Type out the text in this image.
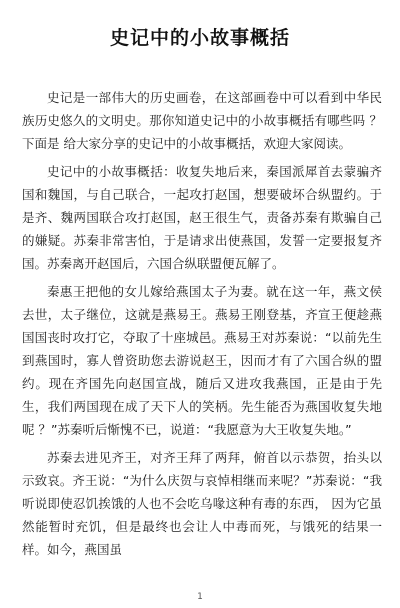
史记中的小故事概括

史记是一部伟大的历史画卷，在这部画卷中可以看到中华民族历史悠久的文明史。那你知道史记中的小故事概括有哪些吗 ？下面是 给大家分享的史记中的小故事概括，欢迎大家阅读。

史记中的小故事概括：收复失地后来，秦国派犀首去蒙骗齐国和魏国，与自己联合，一起攻打赵国，想要破坏合纵盟约。于是齐、魏两国联合攻打赵国，赵王很生气，责备苏秦有欺骗自己的嫌疑。苏秦非常害怕，于是请求出使燕国，发誓一定要报复齐国。苏秦离开赵国后，六国合纵联盟便瓦解了。

秦惠王把他的女儿嫁给燕国太子为妻。就在这一年，燕文侯去世，太子继位，这就是燕易王。燕易王刚登基，齐宣王便趁燕国国丧时攻打它，夺取了十座城邑。燕易王对苏秦说：“以前先生到燕国时，寡人曾资助您去游说赵王，因而才有了六国合纵的盟约。现在齐国先向赵国宣战，随后又进攻我燕国，正是由于先生，我们两国现在成了天下人的笑柄。先生能否为燕国收复失地呢 ？”苏秦听后惭愧不已，说道：“我愿意为大王收复失地。”

苏秦去进见齐王，对齐王拜了两拜，俯首以示恭贺，抬头以示致哀。齐王说：“为什么庆贺与哀悼相继而来呢？”苏秦说：“我听说即使忍饥挨饿的人也不会吃乌喙这种有毒的东西， 因为它虽然能暂时充饥，但是最终也会让人中毒而死，与饿死的结果一样。如今，燕国虽

1
